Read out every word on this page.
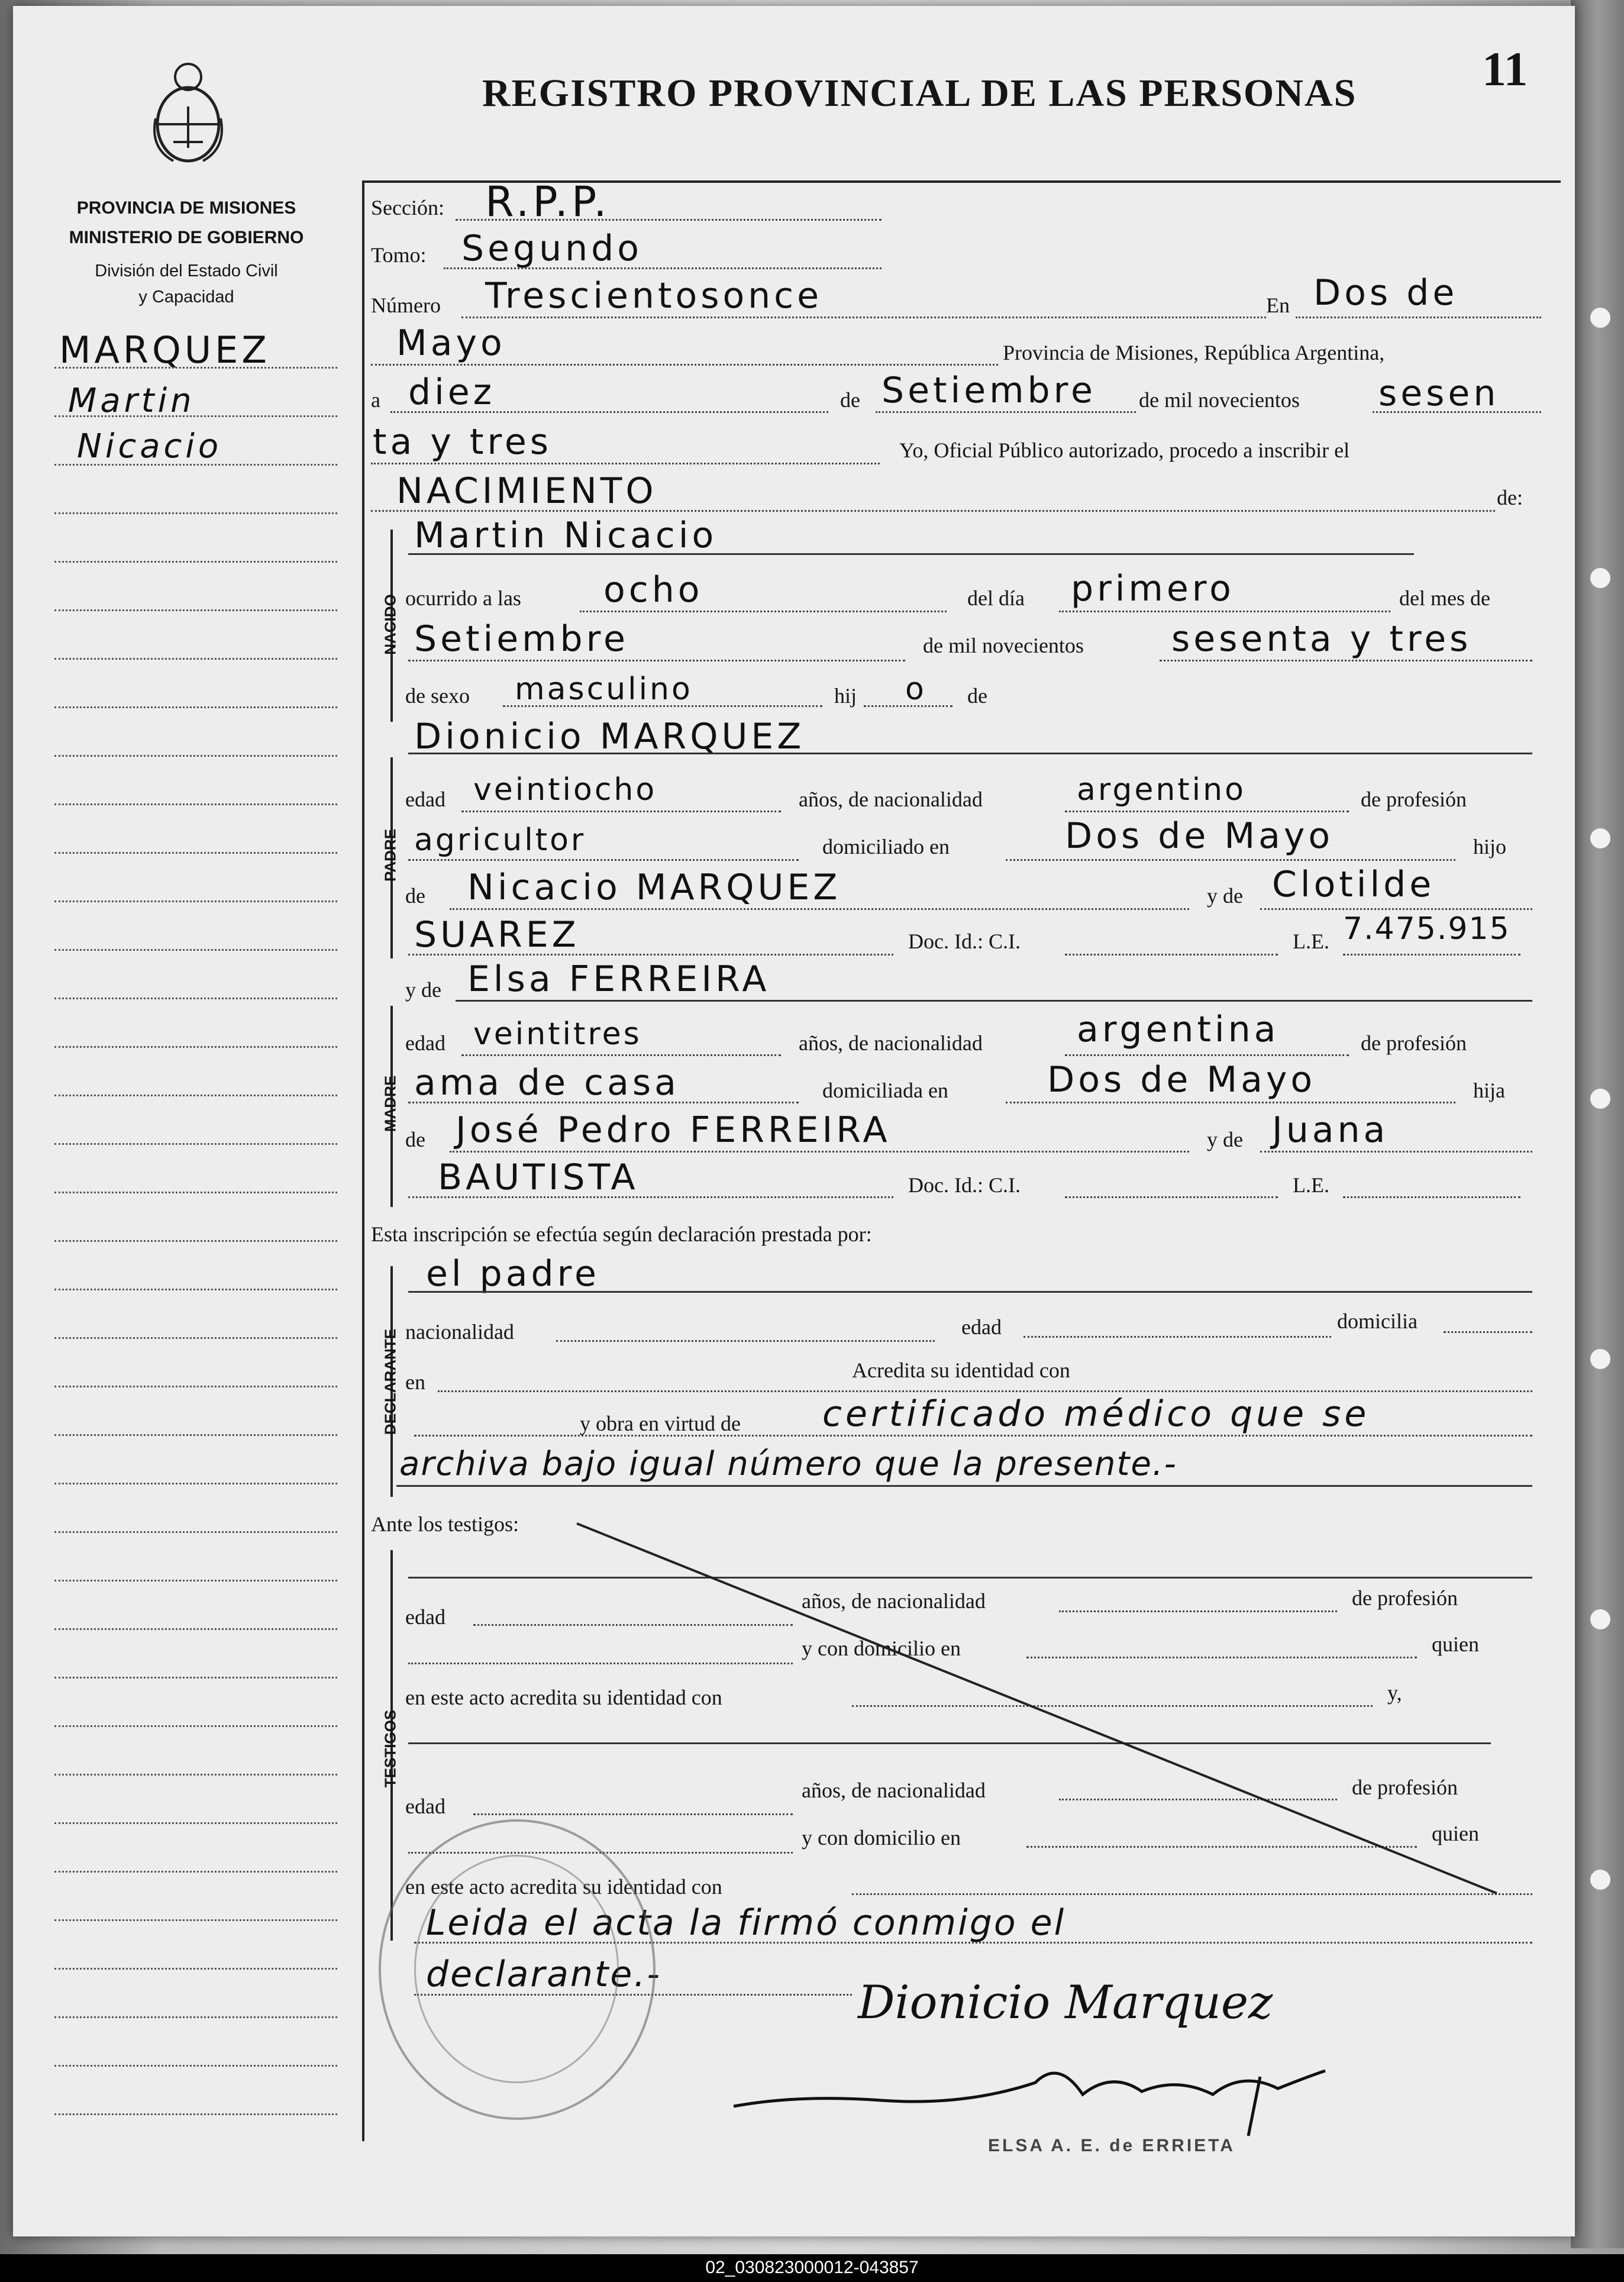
REGISTRO PROVINCIAL DE LAS PERSONAS	11
PROVINCIA DE MISIONES
MINISTERIO DE GOBIERNO
División del Estado Civil
y Capacidad
MARQUEZ
Martin
Nicacio
Sección: R.P.P.
Tomo: Segundo
Número Trescientosonce	En Dos de
Mayo	Provincia de Misiones, República Argentina,
a diez	de Setiembre de mil novecientos sesen
ta y tres	Yo, Oficial Público autorizado, procedo a inscribir el
NACIMIENTO	de:
NACIDO
Martin Nicacio
ocurrido a las ocho	del día primero	del mes de
Setiembre	de mil novecientos sesenta y tres
de sexo masculino	hij o de
PADRE
Dionicio MARQUEZ
edad veintiocho	años, de nacionalidad	argentino	de profesión
agricultor	domiciliado en	Dos de Mayo	hijo
de Nicacio MARQUEZ	y de Clotilde
SUAREZ	Doc. Id.: C.I.	L.E. 7.475.915
y de Elsa FERREIRA
MADRE
edad veintitres	años, de nacionalidad	argentina	de profesión
ama de casa	domiciliada en	Dos de Mayo	hija
de José Pedro FERREIRA	y de Juana
BAUTISTA	Doc. Id.: C.I.	L.E.
Esta inscripción se efectúa según declaración prestada por:
el padre
DECLARANTE nacionalidad	edad	domicilia
en	Acredita su identidad con
y obra en virtud de certificado médico que se
archiva bajo igual número que la presente.-
Ante los testigos:
TESTIGOS
edad
años, de nacionalidad	de profesión
y con domicilio en	quien
en este acto acredita su identidad con	y,
edad
años, de nacionalidad	de profesión
y con domicilio en	quien
en este acto acredita su identidad con
Leida el acta la firmó conmigo el
declarante.-
Dionicio Marquez
ELSA A. E. de ERRIETA
02_030823000012-043857
